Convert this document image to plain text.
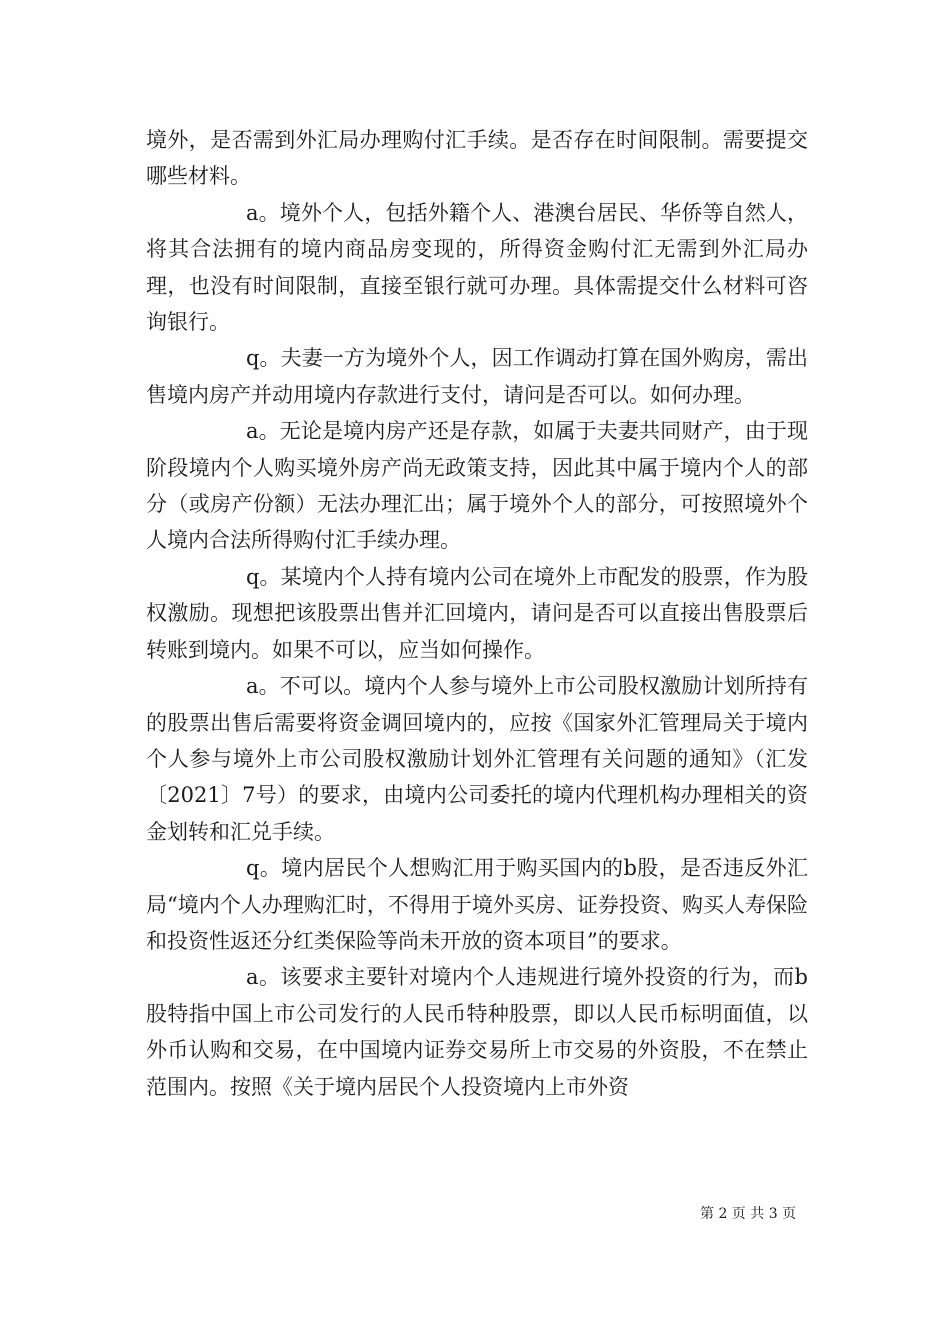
境外，是否需到外汇局办理购付汇手续。是否存在时间限制。需要提交哪些材料。

a。境外个人，包括外籍个人、港澳台居民、华侨等自然人，将其合法拥有的境内商品房变现的，所得资金购付汇无需到外汇局办理，也没有时间限制，直接至银行就可办理。具体需提交什么材料可咨询银行。

q。夫妻一方为境外个人，因工作调动打算在国外购房，需出售境内房产并动用境内存款进行支付，请问是否可以。如何办理。

a。无论是境内房产还是存款，如属于夫妻共同财产，由于现阶段境内个人购买境外房产尚无政策支持，因此其中属于境内个人的部分（或房产份额）无法办理汇出；属于境外个人的部分，可按照境外个人境内合法所得购付汇手续办理。

q。某境内个人持有境内公司在境外上市配发的股票，作为股权激励。现想把该股票出售并汇回境内，请问是否可以直接出售股票后转账到境内。如果不可以，应当如何操作。

a。不可以。境内个人参与境外上市公司股权激励计划所持有的股票出售后需要将资金调回境内的，应按《国家外汇管理局关于境内个人参与境外上市公司股权激励计划外汇管理有关问题的通知》（汇发〔2021〕7号）的要求，由境内公司委托的境内代理机构办理相关的资金划转和汇兑手续。

q。境内居民个人想购汇用于购买国内的b股，是否违反外汇局“境内个人办理购汇时，不得用于境外买房、证券投资、购买人寿保险和投资性返还分红类保险等尚未开放的资本项目”的要求。

a。该要求主要针对境内个人违规进行境外投资的行为，而b股特指中国上市公司发行的人民币特种股票，即以人民币标明面值，以外币认购和交易，在中国境内证券交易所上市交易的外资股，不在禁止范围内。按照《关于境内居民个人投资境内上市外资

第 2 页 共 3 页
